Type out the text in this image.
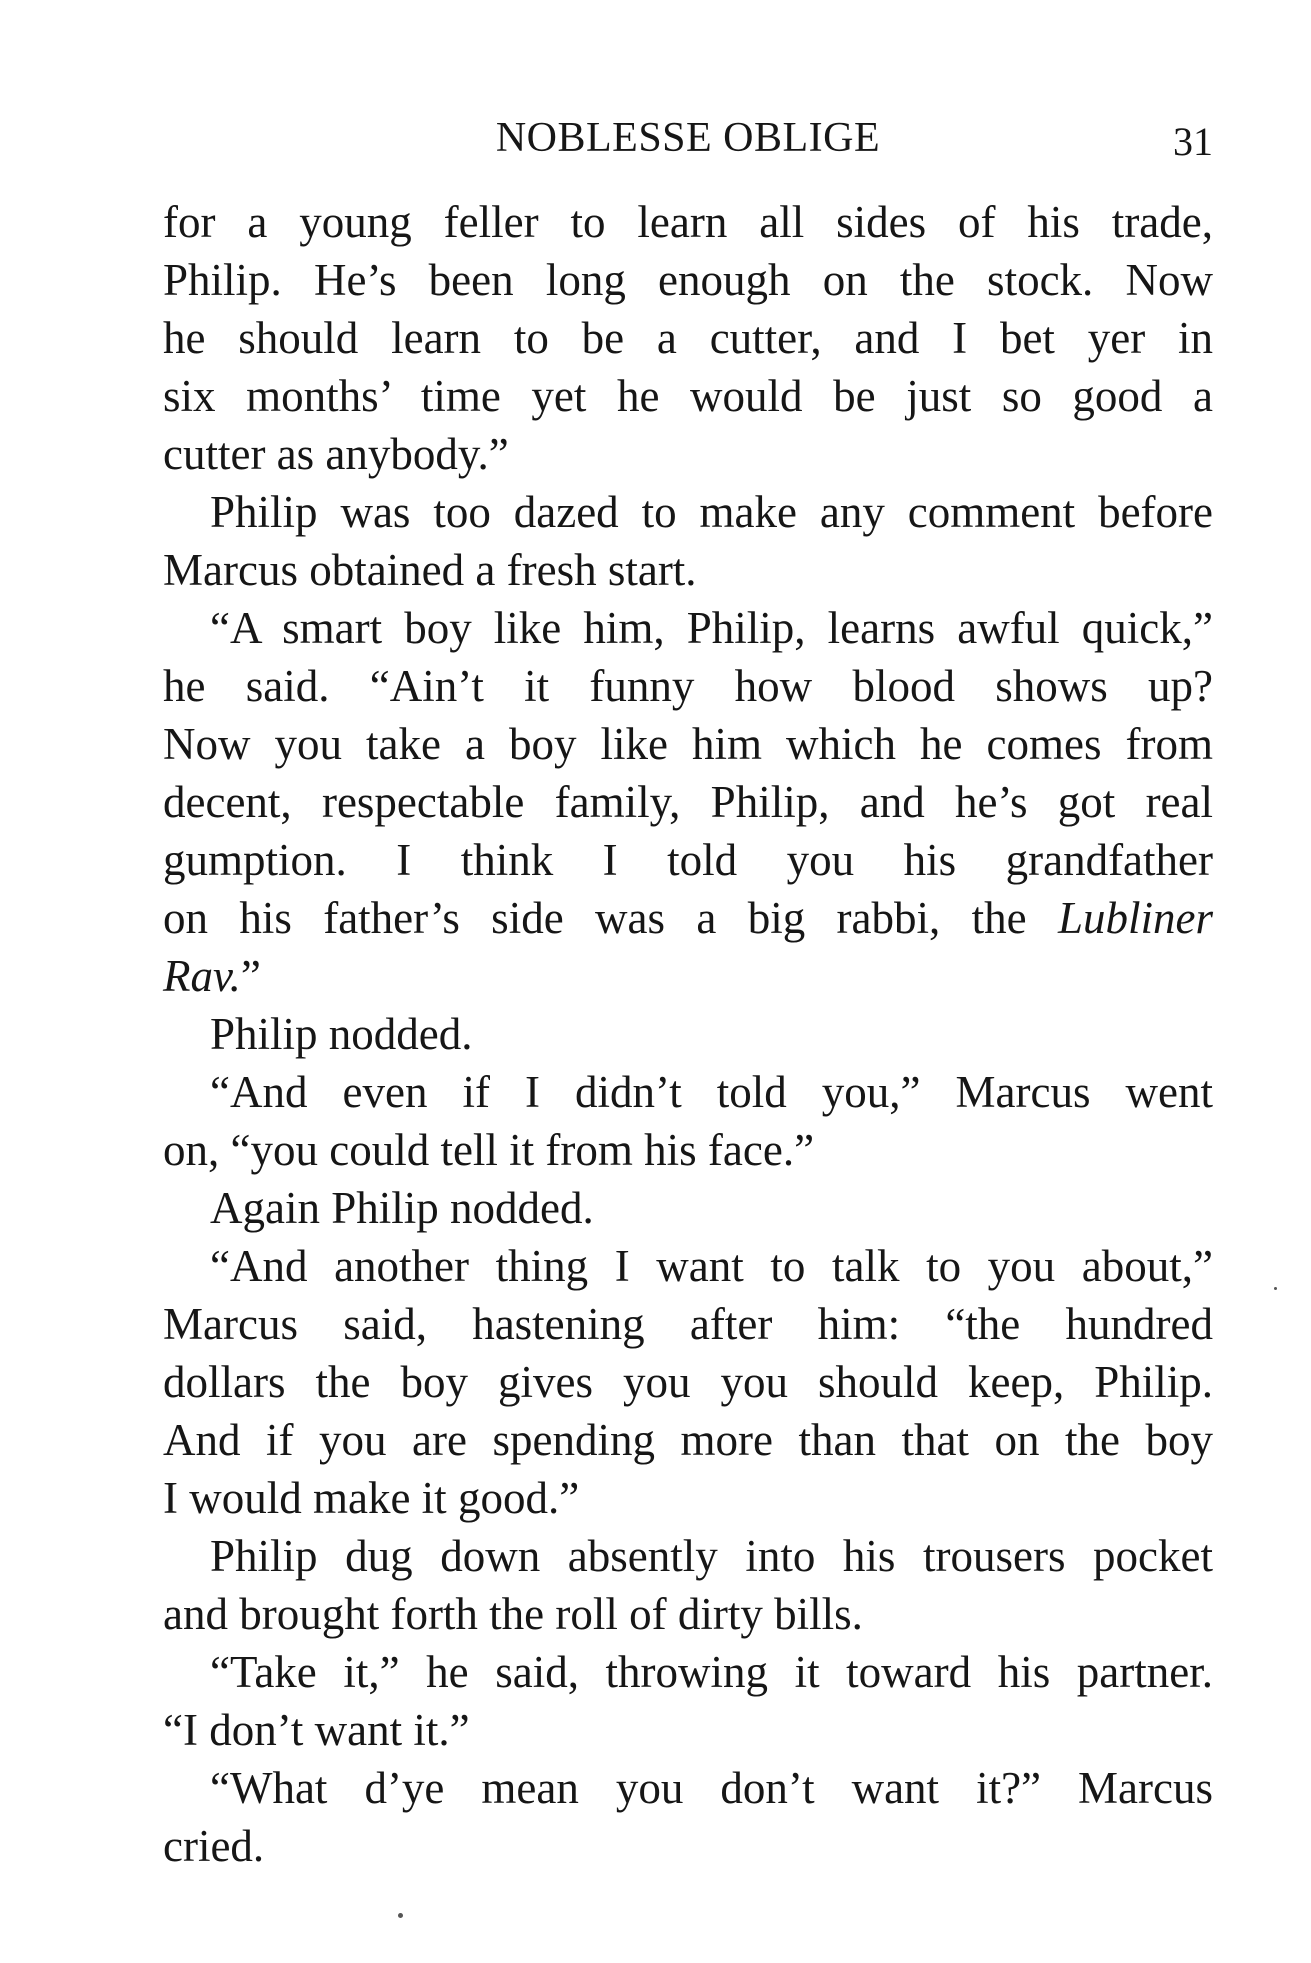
NOBLESSE OBLIGE	31

for a young feller to learn all sides of his trade,
Philip. He’s been long enough on the stock. Now
he should learn to be a cutter, and I bet yer in
six months’ time yet he would be just so good a
cutter as anybody.”

Philip was too dazed to make any comment before
Marcus obtained a fresh start.

“A smart boy like him, Philip, learns awful quick,”
he said. “Ain’t it funny how blood shows up?
Now you take a boy like him which he comes from
decent, respectable family, Philip, and he’s got real
gumption. I think I told you his grandfather
on his father’s side was a big rabbi, the Lubliner
Rav.”

Philip nodded.

“And even if I didn’t told you,” Marcus went
on, “you could tell it from his face.”

Again Philip nodded.

“And another thing I want to talk to you about,”
Marcus said, hastening after him: “the hundred
dollars the boy gives you you should keep, Philip.
And if you are spending more than that on the boy
I would make it good.”

Philip dug down absently into his trousers pocket
and brought forth the roll of dirty bills.

“Take it,” he said, throwing it toward his partner.
“I don’t want it.”

“What d’ye mean you don’t want it?” Marcus
cried.
